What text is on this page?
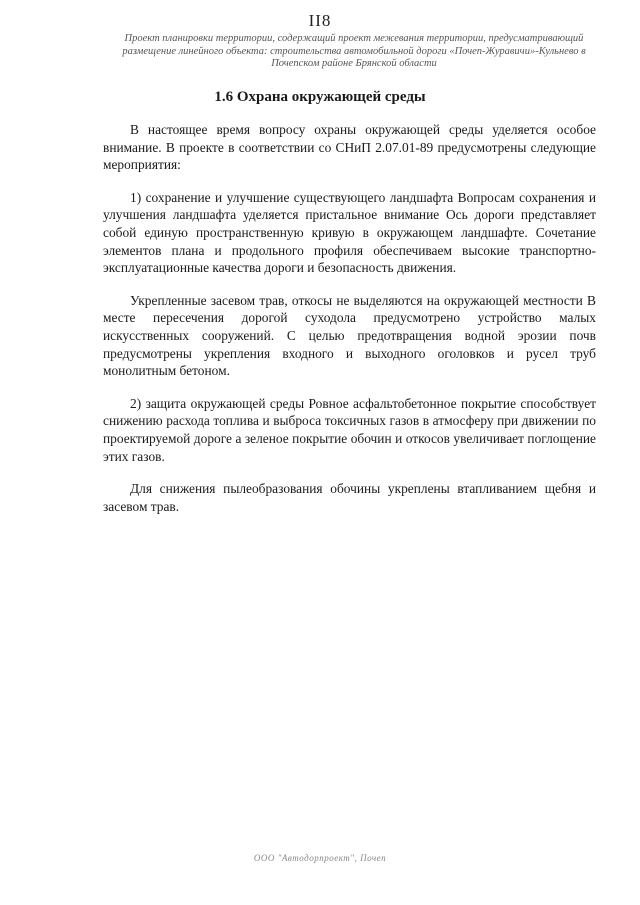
II8
Проект планировки территории, содержащий проект межевания территории, предусматривающий размещение линейного объекта: строительства автомобильной дороги «Почеп-Журавичи»-Кульнево в Почепском районе Брянской области
1.6 Охрана окружающей среды

В настоящее время вопросу охраны окружающей среды уделяется особое внимание. В проекте в соответствии со СНиП 2.07.01-89 предусмотрены следующие мероприятия:

1) сохранение и улучшение существующего ландшафта Вопросам сохранения и улучшения ландшафта уделяется пристальное внимание Ось дороги представляет собой единую пространственную кривую в окружающем ландшафте. Сочетание элементов плана и продольного профиля обеспечиваем высокие транспортно-эксплуатационные качества дороги и безопасность движения.

Укрепленные засевом трав, откосы не выделяются на окружающей местности В месте пересечения дорогой суходола предусмотрено устройство малых искусственных сооружений. С целью предотвращения водной эрозии почв предусмотрены укрепления входного и выходного оголовков и русел труб монолитным бетоном.

2) защита окружающей среды Ровное асфальтобетонное покрытие способствует снижению расхода топлива и выброса токсичных газов в атмосферу при движении по проектируемой дороге а зеленое покрытие обочин и откосов увеличивает поглощение этих газов.

Для снижения пылеобразования обочины укреплены втапливанием щебня и засевом трав.

ООО "Автодорпроект", Почеп
